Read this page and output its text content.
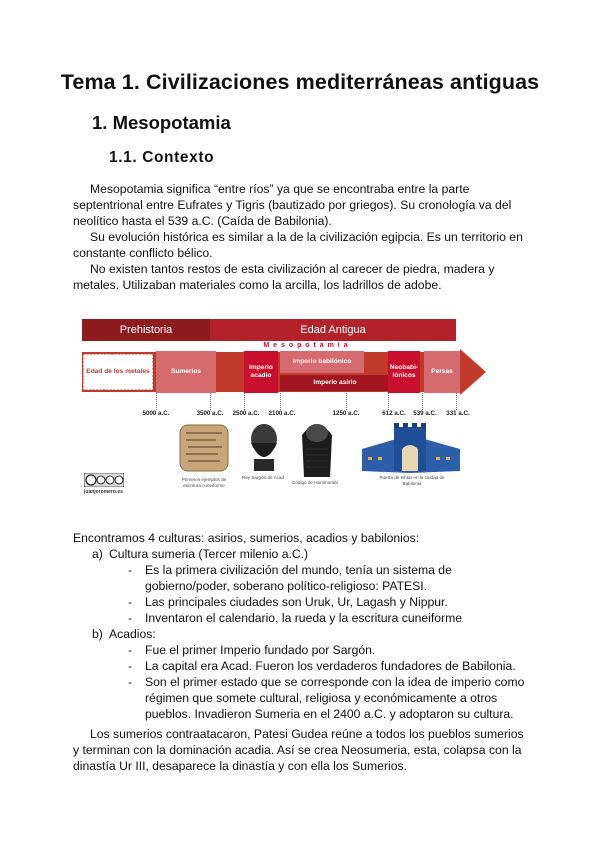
Tema 1. Civilizaciones mediterráneas antiguas
1. Mesopotamia
1.1. Contexto
Mesopotamia significa “entre ríos” ya que se encontraba entre la parte
septentrional entre Eufrates y Tigris (bautizado por griegos). Su cronología va del
neolítico hasta el 539 a.C. (Caída de Babilonia).
Su evolución histórica es similar a la de la civilización egipcia. Es un territorio en
constante conflicto bélico.
No existen tantos restos de esta civilización al carecer de piedra, madera y
metales. Utilizaban materiales como la arcilla, los ladrillos de adobe.
Prehistoria	Edad Antigua
M e s o p o t a m i a
Edad de los metales	Sumerios
Imperio acadio
Imperio babilónico
Imperio asirio
Neobabi-lónicos
Persas
5000 a.C.	3500 a.C. 2500 a.C. 2100 a.C.	1250 a.C.	612 a.C. 539 a.C. 331 a.C.
Primeros ejemplos de escritura cuneiforme
Rey Sargón de Acad
Código de Hammurabi
Puerta de Ishtar en la ciudad de Babilonia
juanjoromero.es
Encontramos 4 culturas: asirios, sumerios, acadios y babilonios:
a) Cultura sumeria (Tercer milenio a.C.)
- Es la primera civilización del mundo, tenía un sistema de
gobierno/poder, soberano político-religioso: PATESI.
- Las principales ciudades son Uruk, Ur, Lagash y Nippur.
- Inventaron el calendario, la rueda y la escritura cuneiforme
b) Acadios:
- Fue el primer Imperio fundado por Sargón.
- La capital era Acad. Fueron los verdaderos fundadores de Babilonia.
- Son el primer estado que se corresponde con la idea de imperio como
régimen que somete cultural, religiosa y económicamente a otros
pueblos. Invadieron Sumeria en el 2400 a.C. y adoptaron su cultura.
Los sumerios contraatacaron, Patesi Gudea reúne a todos los pueblos sumerios
y terminan con la dominación acadia. Así se crea Neosumeria, esta, colapsa con la
dinastía Ur III, desaparece la dinastía y con ella los Sumerios.
